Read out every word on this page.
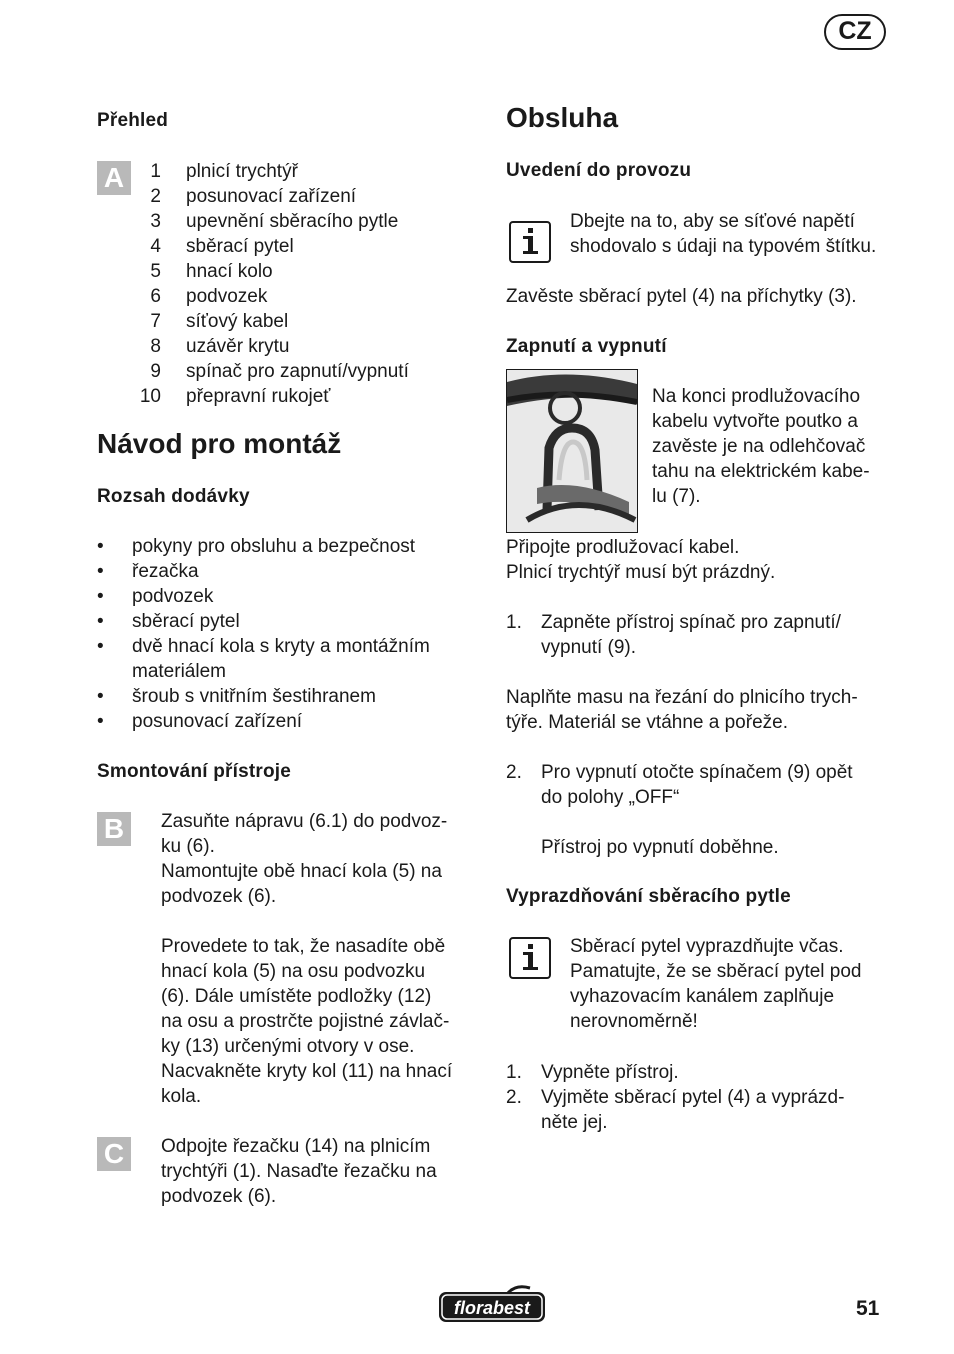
CZ
Přehled
A	1 plnicí trychtýř
2 posunovací zařízení
3 upevnění sběracího pytle
4 sběrací pytel
5 hnací kolo
6 podvozek
7 síťový kabel
8 uzávěr krytu
9 spínač pro zapnutí/vypnutí
10 přepravní rukojeť
Návod pro montáž
Rozsah dodávky
• pokyny pro obsluhu a bezpečnost
• řezačka
• podvozek
• sběrací pytel
• dvě hnací kola s kryty a montážním materiálem
• šroub s vnitřním šestihranem
• posunovací zařízení
Smontování přístroje
B	Zasuňte nápravu (6.1) do podvoz-
ku (6).
Namontujte obě hnací kola (5) na
podvozek (6).
Provedete to tak, že nasadíte obě
hnací kola (5) na osu podvozku
(6). Dále umístěte podložky (12)
na osu a prostrčte pojistné závlač-
ky (13) určenými otvory v ose.
Nacvakněte kryty kol (11) na hnací
kola.
C	Odpojte řezačku (14) na plnicím
trychtýři (1). Nasaďte řezačku na
podvozek (6).
Obsluha
Uvedení do provozu
Dbejte na to, aby se síťové napětí
shodovalo s údaji na typovém štítku.
Zavěste sběrací pytel (4) na příchytky (3).
Zapnutí a vypnutí
Na konci prodlužovacího
kabelu vytvořte poutko a
zavěste je na odlehčovač
tahu na elektrickém kabe-
lu (7).
Připojte prodlužovací kabel.
Plnicí trychtýř musí být prázdný.
1. Zapněte přístroj spínač pro zapnutí/
vypnutí (9).
Naplňte masu na řezání do plnicího trych-
týře. Materiál se vtáhne a pořeže.
2. Pro vypnutí otočte spínačem (9) opět
do polohy „OFF“
Přístroj po vypnutí doběhne.
Vyprazdňování sběracího pytle
Sběrací pytel vyprazdňujte včas.
Pamatujte, že se sběrací pytel pod
vyhazovacím kanálem zaplňuje
nerovnoměrně!
1. Vypněte přístroj.
2. Vyjměte sběrací pytel (4) a vyprázd-
něte jej.
florabest	51
